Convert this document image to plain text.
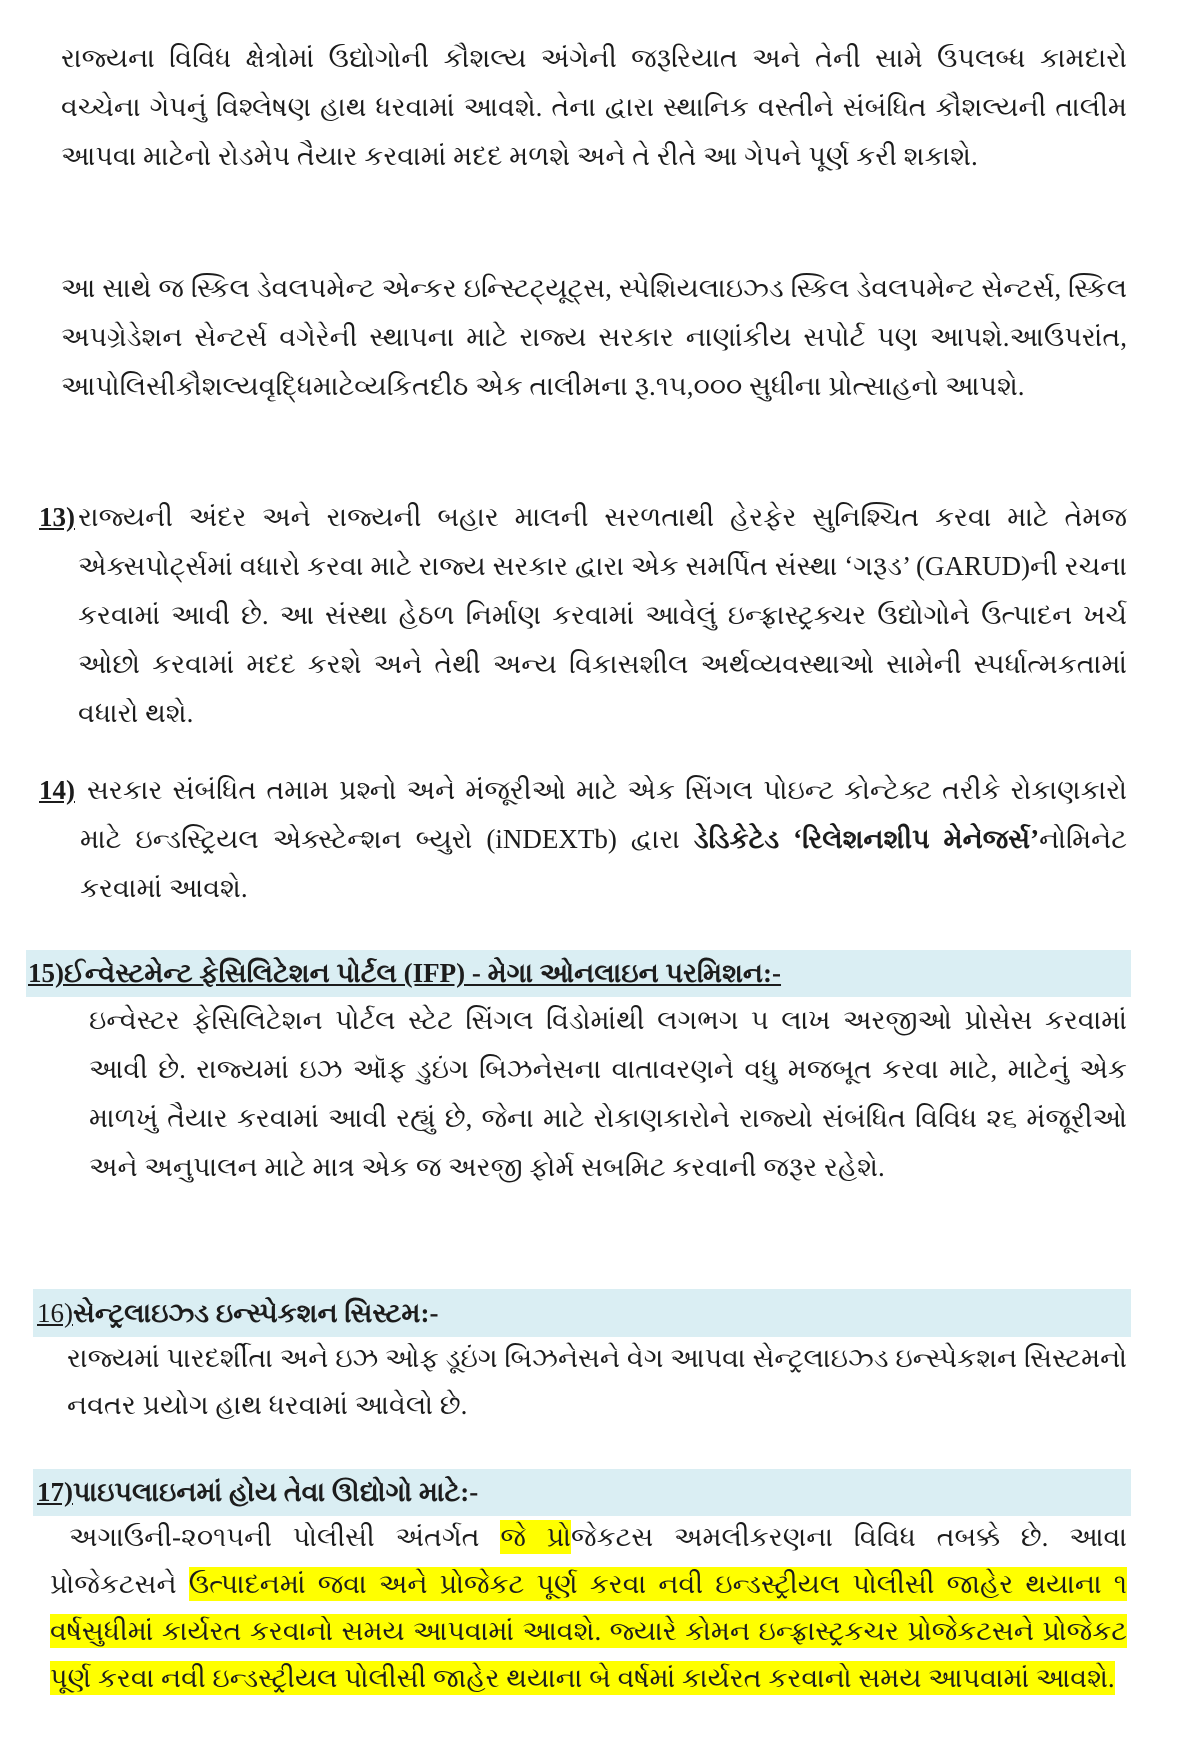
રાજ્યના વિવિધ ક્ષેત્રોમાં ઉદ્યોગોની કૌશલ્ય અંગેની જરૂરિયાત અને તેની સામે ઉપલબ્ધ કામદારો વચ્ચેના ગેપનું વિશ્લેષણ હાથ ધરવામાં આવશે. તેના દ્વારા સ્થાનિક વસ્તીને સંબંધિત કૌશલ્યની તાલીમ આપવા માટેનો રોડમેપ તૈયાર કરવામાં મદદ મળશે અને તે રીતે આ ગેપને પૂર્ણ કરી શકાશે.

આ સાથે જ સ્કિલ ડેવલપમેન્ટ એન્કર ઇન્સ્ટિટ્યૂટ્સ, સ્પેશિયલાઇઝ્ડ સ્કિલ ડેવલપમેન્ટ સેન્ટર્સ, સ્કિલ અપગ્રેડેશન સેન્ટર્સ વગેરેની સ્થાપના માટે રાજ્ય સરકાર નાણાંકીય સપોર્ટ પણ આપશે.આઉપરાંત, આપોલિસીકૌશલ્યવૃદ્ધિમાટેવ્યકિતદીઠ એક તાલીમના રૂ.૧૫,૦૦૦ સુધીના પ્રોત્સાહનો આપશે.

13) રાજ્યની અંદર અને રાજ્યની બહાર માલની સરળતાથી હેરફેર સુનિશ્ચિત કરવા માટે તેમજ એક્સપોર્ટ્સમાં વધારો કરવા માટે રાજ્ય સરકાર દ્વારા એક સમર્પિત સંસ્થા ‘ગરૂડ’ (GARUD)ની રચના કરવામાં આવી છે. આ સંસ્થા હેઠળ નિર્માણ કરવામાં આવેલું ઇન્ફ્રાસ્ટ્રક્ચર ઉદ્યોગોને ઉત્પાદન ખર્ચ ઓછો કરવામાં મદદ કરશે અને તેથી અન્ય વિકાસશીલ અર્થવ્યવસ્થાઓ સામેની સ્પર્ધાત્મકતામાં વધારો થશે.

14) સરકાર સંબંધિત તમામ પ્રશ્નો અને મંજૂરીઓ માટે એક સિંગલ પોઇન્ટ કોન્ટેક્ટ તરીકે રોકાણકારો માટે ઇન્ડસ્ટ્રિયલ એક્સ્ટેન્શન બ્યુરો (iNDEXTb) દ્વારા ડેડિકેટેડ ‘રિલેશનશીપ મેનેજર્સ’નોમિનેટ કરવામાં આવશે.

15)ઈન્વેસ્ટમેન્ટ ફેસિલિટેશન પોર્ટલ (IFP) - મેગા ઓનલાઇન પરમિશન:-

ઇન્વેસ્ટર ફેસિલિટેશન પોર્ટલ સ્ટેટ સિંગલ વિંડોમાંથી લગભગ ૫ લાખ અરજીઓ પ્રોસેસ કરવામાં આવી છે. રાજ્યમાં ઇઝ ઑફ ડુઇંગ બિઝનેસના વાતાવરણને વધુ મજબૂત કરવા માટે, માટેનું એક માળખું તૈયાર કરવામાં આવી રહ્યું છે, જેના માટે રોકાણકારોને રાજ્યો સંબંધિત વિવિધ ૨૬ મંજૂરીઓ અને અનુપાલન માટે માત્ર એક જ અરજી ફોર્મ સબમિટ કરવાની જરૂર રહેશે.

16)સેન્ટ્રલાઇઝ્ડ ઇન્સ્પેકશન સિસ્ટમ:-

રાજ્યમાં પારદર્શીતા અને ઇઝ ઓફ ડૂઇંગ બિઝનેસને વેગ આપવા સેન્ટ્રલાઇઝ્ડ ઇન્સ્પેકશન સિસ્ટમનો નવતર પ્રયોગ હાથ ધરવામાં આવેલો છે.

17)પાઇપલાઇનમાં હોય તેવા ઊદ્યોગો માટે:-

અગાઉની-૨૦૧૫ની પોલીસી અંતર્ગત જે પ્રોજેકટસ અમલીકરણના વિવિધ તબક્કે છે. આવા પ્રોજેકટસને ઉત્પાદનમાં જવા અને પ્રોજેકટ પૂર્ણ કરવા નવી ઇન્ડસ્ટ્રીયલ પોલીસી જાહેર થયાના ૧ વર્ષસુધીમાં કાર્યરત કરવાનો સમય આપવામાં આવશે. જ્યારે કોમન ઇન્ફ્રાસ્ટ્રકચર પ્રોજેકટસને પ્રોજેકટ પૂર્ણ કરવા નવી ઇન્ડસ્ટ્રીયલ પોલીસી જાહેર થયાના બે વર્ષમાં કાર્યરત કરવાનો સમય આપવામાં આવશે.
